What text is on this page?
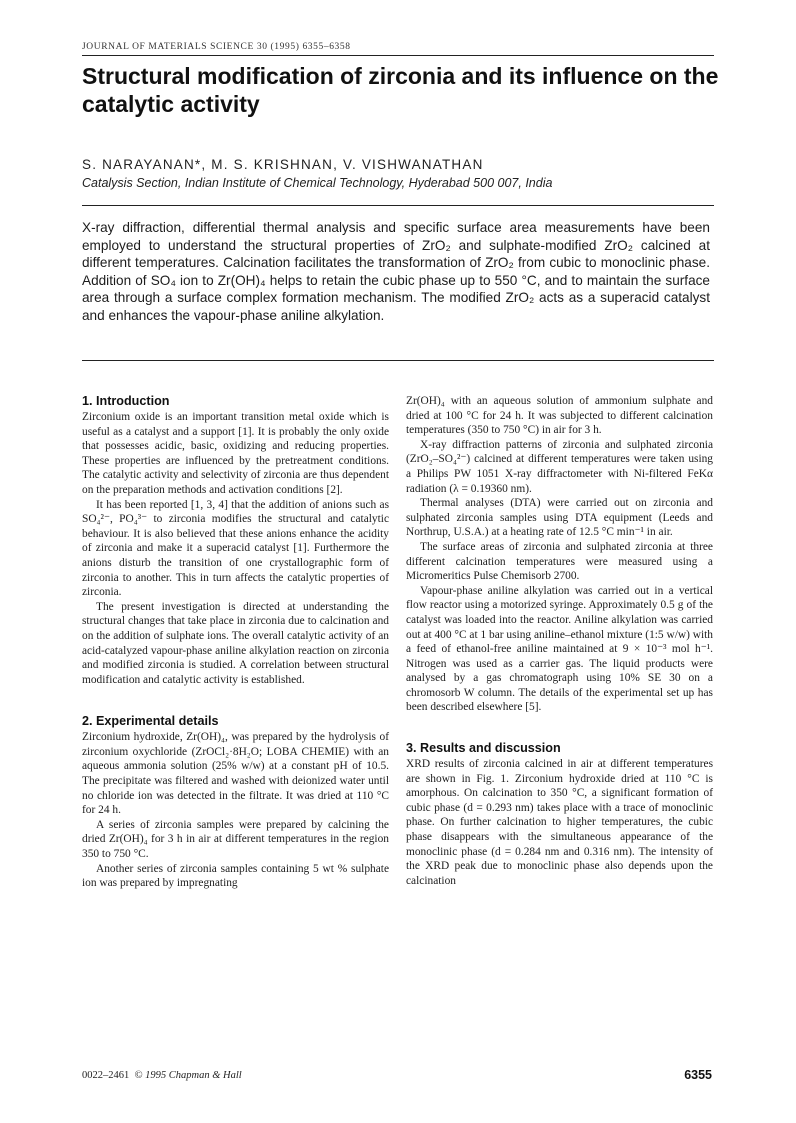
JOURNAL OF MATERIALS SCIENCE 30 (1995) 6355–6358
Structural modification of zirconia and its influence on the catalytic activity
S. NARAYANAN*, M. S. KRISHNAN, V. VISHWANATHAN
Catalysis Section, Indian Institute of Chemical Technology, Hyderabad 500 007, India

X-ray diffraction, differential thermal analysis and specific surface area measurements have been employed to understand the structural properties of ZrO₂ and sulphate-modified ZrO₂ calcined at different temperatures. Calcination facilitates the transformation of ZrO₂ from cubic to monoclinic phase. Addition of SO₄ ion to Zr(OH)₄ helps to retain the cubic phase up to 550 °C, and to maintain the surface area through a surface complex formation mechanism. The modified ZrO₂ acts as a superacid catalyst and enhances the vapour-phase aniline alkylation.

1. Introduction

Zirconium oxide is an important transition metal oxide which is useful as a catalyst and a support [1]. It is probably the only oxide that possesses acidic, basic, oxidizing and reducing properties. These properties are influenced by the pretreatment conditions. The catalytic activity and selectivity of zirconia are thus dependent on the preparation methods and activation conditions [2].

It has been reported [1, 3, 4] that the addition of anions such as SO₄²⁻, PO₄³⁻ to zirconia modifies the structural and catalytic behaviour. It is also believed that these anions enhance the acidity of zirconia and make it a superacid catalyst [1]. Furthermore the anions disturb the transition of one crystallographic form of zirconia to another. This in turn affects the catalytic properties of zirconia.

The present investigation is directed at understanding the structural changes that take place in zirconia due to calcination and on the addition of sulphate ions. The overall catalytic activity of an acid-catalyzed vapour-phase aniline alkylation reaction on zirconia and modified zirconia is studied. A correlation between structural modification and catalytic activity is established.

2. Experimental details

Zirconium hydroxide, Zr(OH)₄, was prepared by the hydrolysis of zirconium oxychloride (ZrOCl₂·8H₂O; LOBA CHEMIE) with an aqueous ammonia solution (25% w/w) at a constant pH of 10.5. The precipitate was filtered and washed with deionized water until no chloride ion was detected in the filtrate. It was dried at 110 °C for 24 h.

A series of zirconia samples were prepared by calcining the dried Zr(OH)₄ for 3 h in air at different temperatures in the region 350 to 750 °C.

Another series of zirconia samples containing 5 wt % sulphate ion was prepared by impregnating

Zr(OH)₄ with an aqueous solution of ammonium sulphate and dried at 100 °C for 24 h. It was subjected to different calcination temperatures (350 to 750 °C) in air for 3 h.

X-ray diffraction patterns of zirconia and sulphated zirconia (ZrO₂–SO₄²⁻) calcined at different temperatures were taken using a Philips PW 1051 X-ray diffractometer with Ni-filtered FeKα radiation (λ = 0.19360 nm).

Thermal analyses (DTA) were carried out on zirconia and sulphated zirconia samples using DTA equipment (Leeds and Northrup, U.S.A.) at a heating rate of 12.5 °C min⁻¹ in air.

The surface areas of zirconia and sulphated zirconia at three different calcination temperatures were measured using a Micromeritics Pulse Chemisorb 2700.

Vapour-phase aniline alkylation was carried out in a vertical flow reactor using a motorized syringe. Approximately 0.5 g of the catalyst was loaded into the reactor. Aniline alkylation was carried out at 400 °C at 1 bar using aniline–ethanol mixture (1:5 w/w) with a feed of ethanol-free aniline maintained at 9 × 10⁻³ mol h⁻¹. Nitrogen was used as a carrier gas. The liquid products were analysed by a gas chromatograph using 10% SE 30 on a chromosorb W column. The details of the experimental set up has been described elsewhere [5].

3. Results and discussion

XRD results of zirconia calcined in air at different temperatures are shown in Fig. 1. Zirconium hydroxide dried at 110 °C is amorphous. On calcination to 350 °C, a significant formation of cubic phase (d = 0.293 nm) takes place with a trace of monoclinic phase. On further calcination to higher temperatures, the cubic phase disappears with the simultaneous appearance of the monoclinic phase (d = 0.284 nm and 0.316 nm). The intensity of the XRD peak due to monoclinic phase also depends upon the calcination

0022–2461 © 1995 Chapman & Hall	6355
